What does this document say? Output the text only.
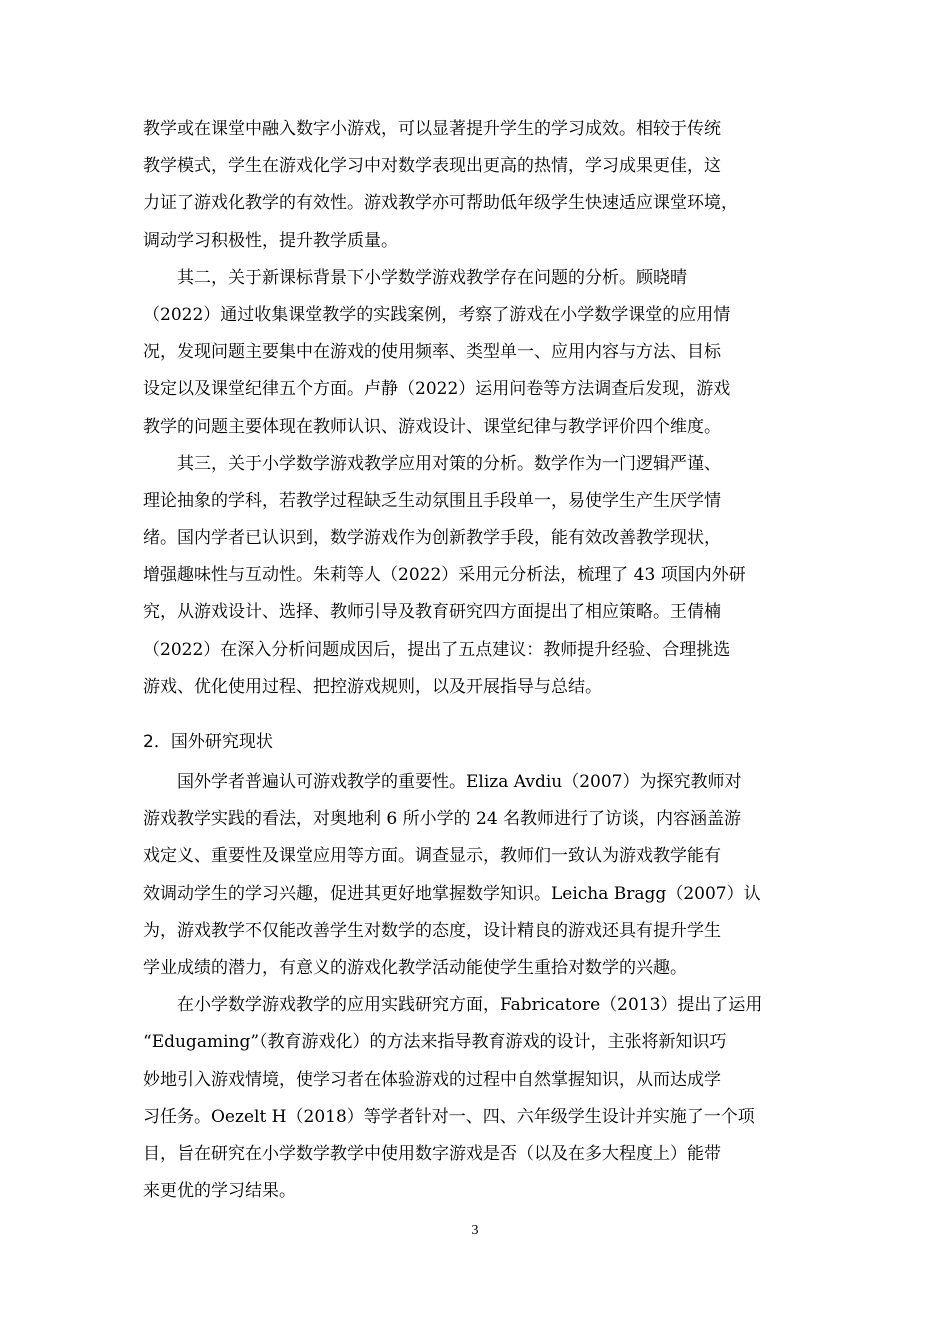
教学或在课堂中融入数字小游戏，可以显著提升学生的学习成效。相较于传统
教学模式，学生在游戏化学习中对数学表现出更高的热情，学习成果更佳，这
力证了游戏化教学的有效性。游戏教学亦可帮助低年级学生快速适应课堂环境，
调动学习积极性，提升教学质量。
其二，关于新课标背景下小学数学游戏教学存在问题的分析。顾晓晴
（2022）通过收集课堂教学的实践案例，考察了游戏在小学数学课堂的应用情
况，发现问题主要集中在游戏的使用频率、类型单一、应用内容与方法、目标
设定以及课堂纪律五个方面。卢静（2022）运用问卷等方法调查后发现，游戏
教学的问题主要体现在教师认识、游戏设计、课堂纪律与教学评价四个维度。
其三，关于小学数学游戏教学应用对策的分析。数学作为一门逻辑严谨、
理论抽象的学科，若教学过程缺乏生动氛围且手段单一，易使学生产生厌学情
绪。国内学者已认识到，数学游戏作为创新教学手段，能有效改善教学现状，
增强趣味性与互动性。朱莉等人（2022）采用元分析法，梳理了 43 项国内外研
究，从游戏设计、选择、教师引导及教育研究四方面提出了相应策略。王倩楠
（2022）在深入分析问题成因后，提出了五点建议：教师提升经验、合理挑选
游戏、优化使用过程、把控游戏规则，以及开展指导与总结。
2．国外研究现状
国外学者普遍认可游戏教学的重要性。Eliza Avdiu（2007）为探究教师对
游戏教学实践的看法，对奥地利 6 所小学的 24 名教师进行了访谈，内容涵盖游
戏定义、重要性及课堂应用等方面。调查显示，教师们一致认为游戏教学能有
效调动学生的学习兴趣，促进其更好地掌握数学知识。Leicha Bragg（2007）认
为，游戏教学不仅能改善学生对数学的态度，设计精良的游戏还具有提升学生
学业成绩的潜力，有意义的游戏化教学活动能使学生重拾对数学的兴趣。
在小学数学游戏教学的应用实践研究方面，Fabricatore（2013）提出了运用
“Edugaming”（教育游戏化）的方法来指导教育游戏的设计，主张将新知识巧
妙地引入游戏情境，使学习者在体验游戏的过程中自然掌握知识，从而达成学
习任务。Oezelt H（2018）等学者针对一、四、六年级学生设计并实施了一个项
目，旨在研究在小学数学教学中使用数字游戏是否（以及在多大程度上）能带
来更优的学习结果。
3
